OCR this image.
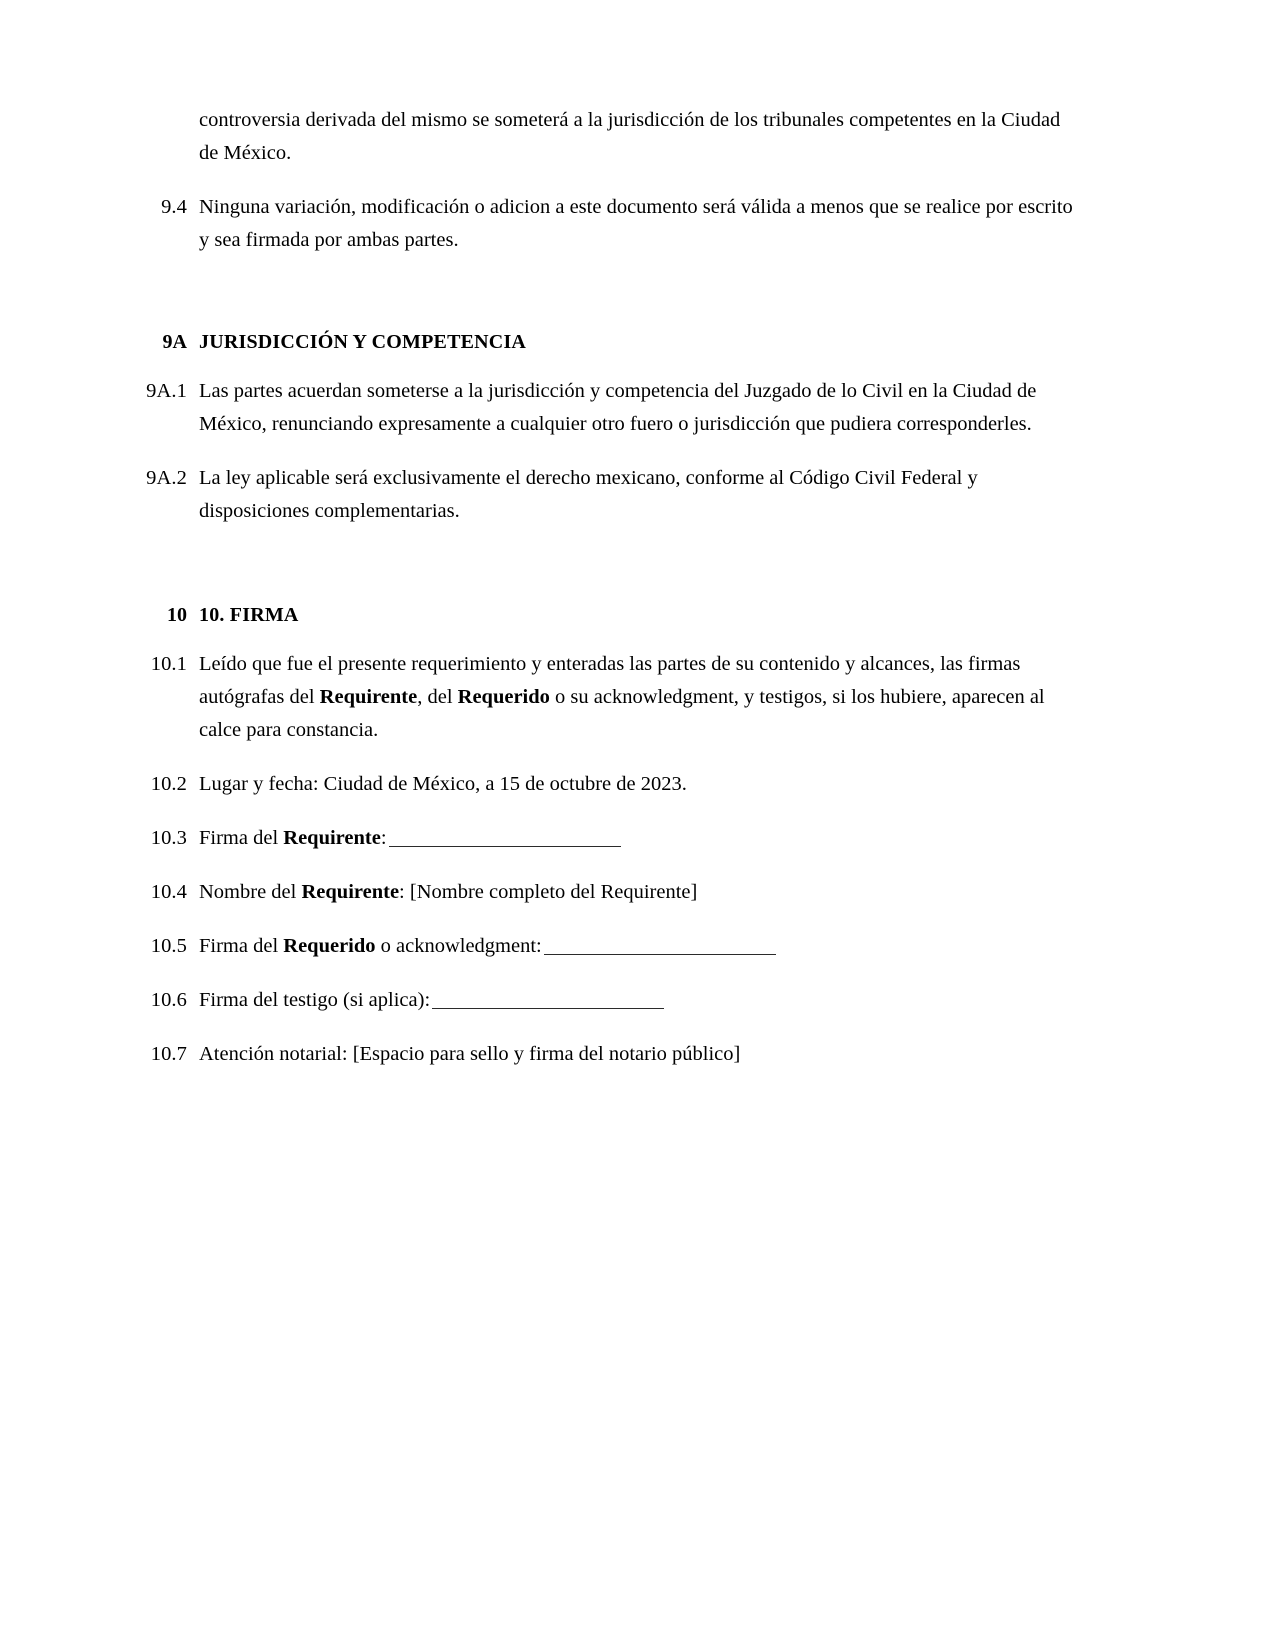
controversia derivada del mismo se someterá a la jurisdicción de los tribunales competentes en la Ciudad de México.
9.4 Ninguna variación, modificación o adicion a este documento será válida a menos que se realice por escrito y sea firmada por ambas partes.
9A JURISDICCIÓN Y COMPETENCIA
9A.1 Las partes acuerdan someterse a la jurisdicción y competencia del Juzgado de lo Civil en la Ciudad de México, renunciando expresamente a cualquier otro fuero o jurisdicción que pudiera corresponderles.
9A.2 La ley aplicable será exclusivamente el derecho mexicano, conforme al Código Civil Federal y disposiciones complementarias.
10 10. FIRMA
10.1 Leído que fue el presente requerimiento y enteradas las partes de su contenido y alcances, las firmas autógrafas del Requirente, del Requerido o su acknowledgment, y testigos, si los hubiere, aparecen al calce para constancia.
10.2 Lugar y fecha: Ciudad de México, a 15 de octubre de 2023.
10.3 Firma del Requirente:
10.4 Nombre del Requirente: [Nombre completo del Requirente]
10.5 Firma del Requerido o acknowledgment:
10.6 Firma del testigo (si aplica):
10.7 Atención notarial: [Espacio para sello y firma del notario público]
